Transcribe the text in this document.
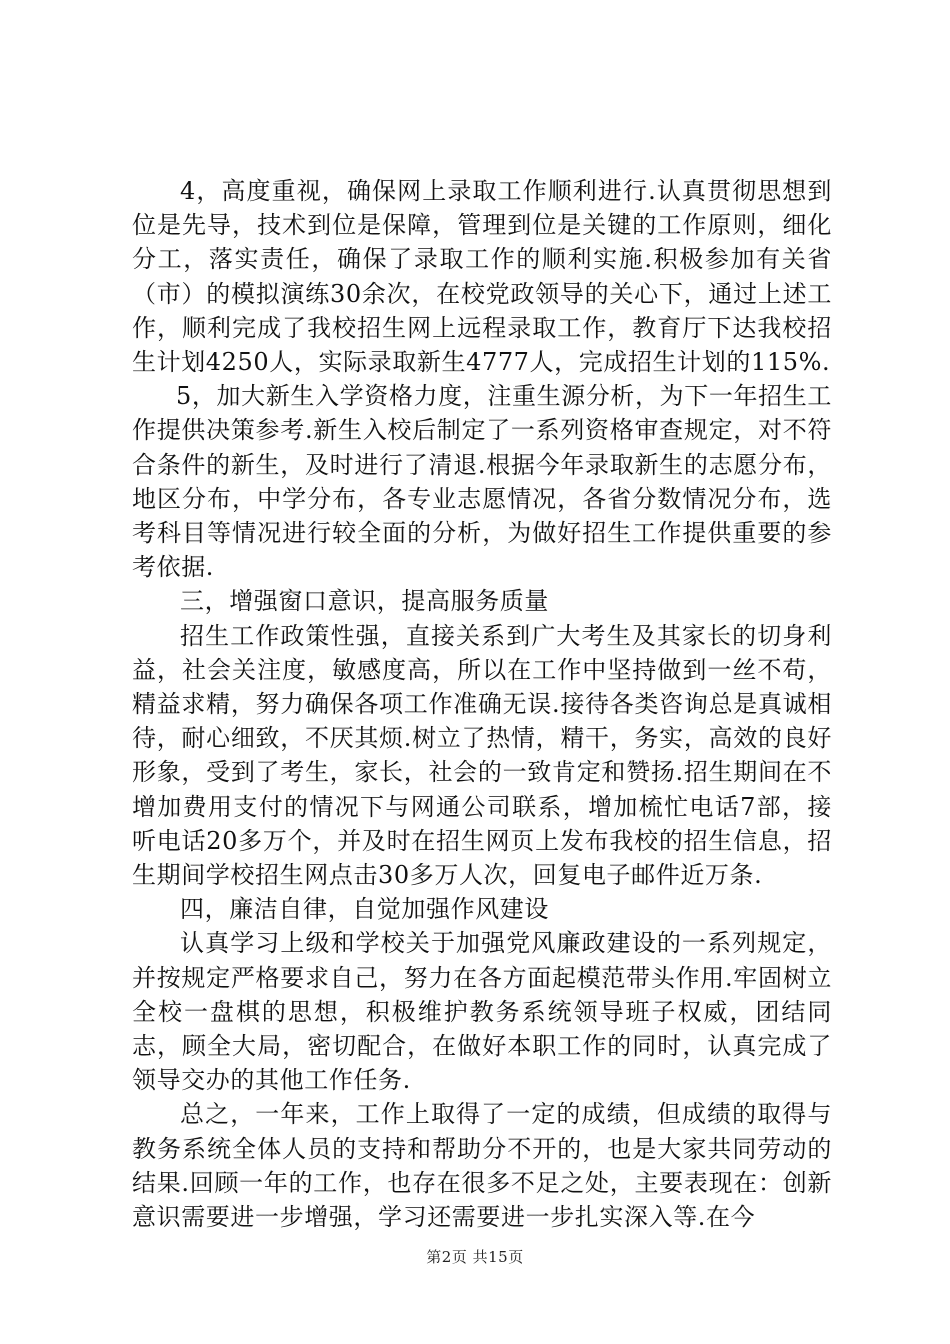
4，高度重视，确保网上录取工作顺利进行.认真贯彻思想到位是先导，技术到位是保障，管理到位是关键的工作原则，细化分工，落实责任，确保了录取工作的顺利实施.积极参加有关省（市）的模拟演练30余次，在校党政领导的关心下，通过上述工作，顺利完成了我校招生网上远程录取工作，教育厅下达我校招生计划4250人，实际录取新生4777人，完成招生计划的115%.

5，加大新生入学资格力度，注重生源分析，为下一年招生工作提供决策参考.新生入校后制定了一系列资格审查规定，对不符合条件的新生，及时进行了清退.根据今年录取新生的志愿分布，地区分布，中学分布，各专业志愿情况，各省分数情况分布，选考科目等情况进行较全面的分析，为做好招生工作提供重要的参考依据.

三，增强窗口意识，提高服务质量

招生工作政策性强，直接关系到广大考生及其家长的切身利益，社会关注度，敏感度高，所以在工作中坚持做到一丝不苟，精益求精，努力确保各项工作准确无误.接待各类咨询总是真诚相待，耐心细致，不厌其烦.树立了热情，精干，务实，高效的良好形象，受到了考生，家长，社会的一致肯定和赞扬.招生期间在不增加费用支付的情况下与网通公司联系，增加梳忙电话7部，接听电话20多万个，并及时在招生网页上发布我校的招生信息，招生期间学校招生网点击30多万人次，回复电子邮件近万条.

四，廉洁自律，自觉加强作风建设

认真学习上级和学校关于加强党风廉政建设的一系列规定，并按规定严格要求自己，努力在各方面起模范带头作用.牢固树立全校一盘棋的思想，积极维护教务系统领导班子权威，团结同志，顾全大局，密切配合，在做好本职工作的同时，认真完成了领导交办的其他工作任务.

总之，一年来，工作上取得了一定的成绩，但成绩的取得与教务系统全体人员的支持和帮助分不开的，也是大家共同劳动的结果.回顾一年的工作，也存在很多不足之处，主要表现在：创新意识需要进一步增强，学习还需要进一步扎实深入等.在今

第2页 共15页
